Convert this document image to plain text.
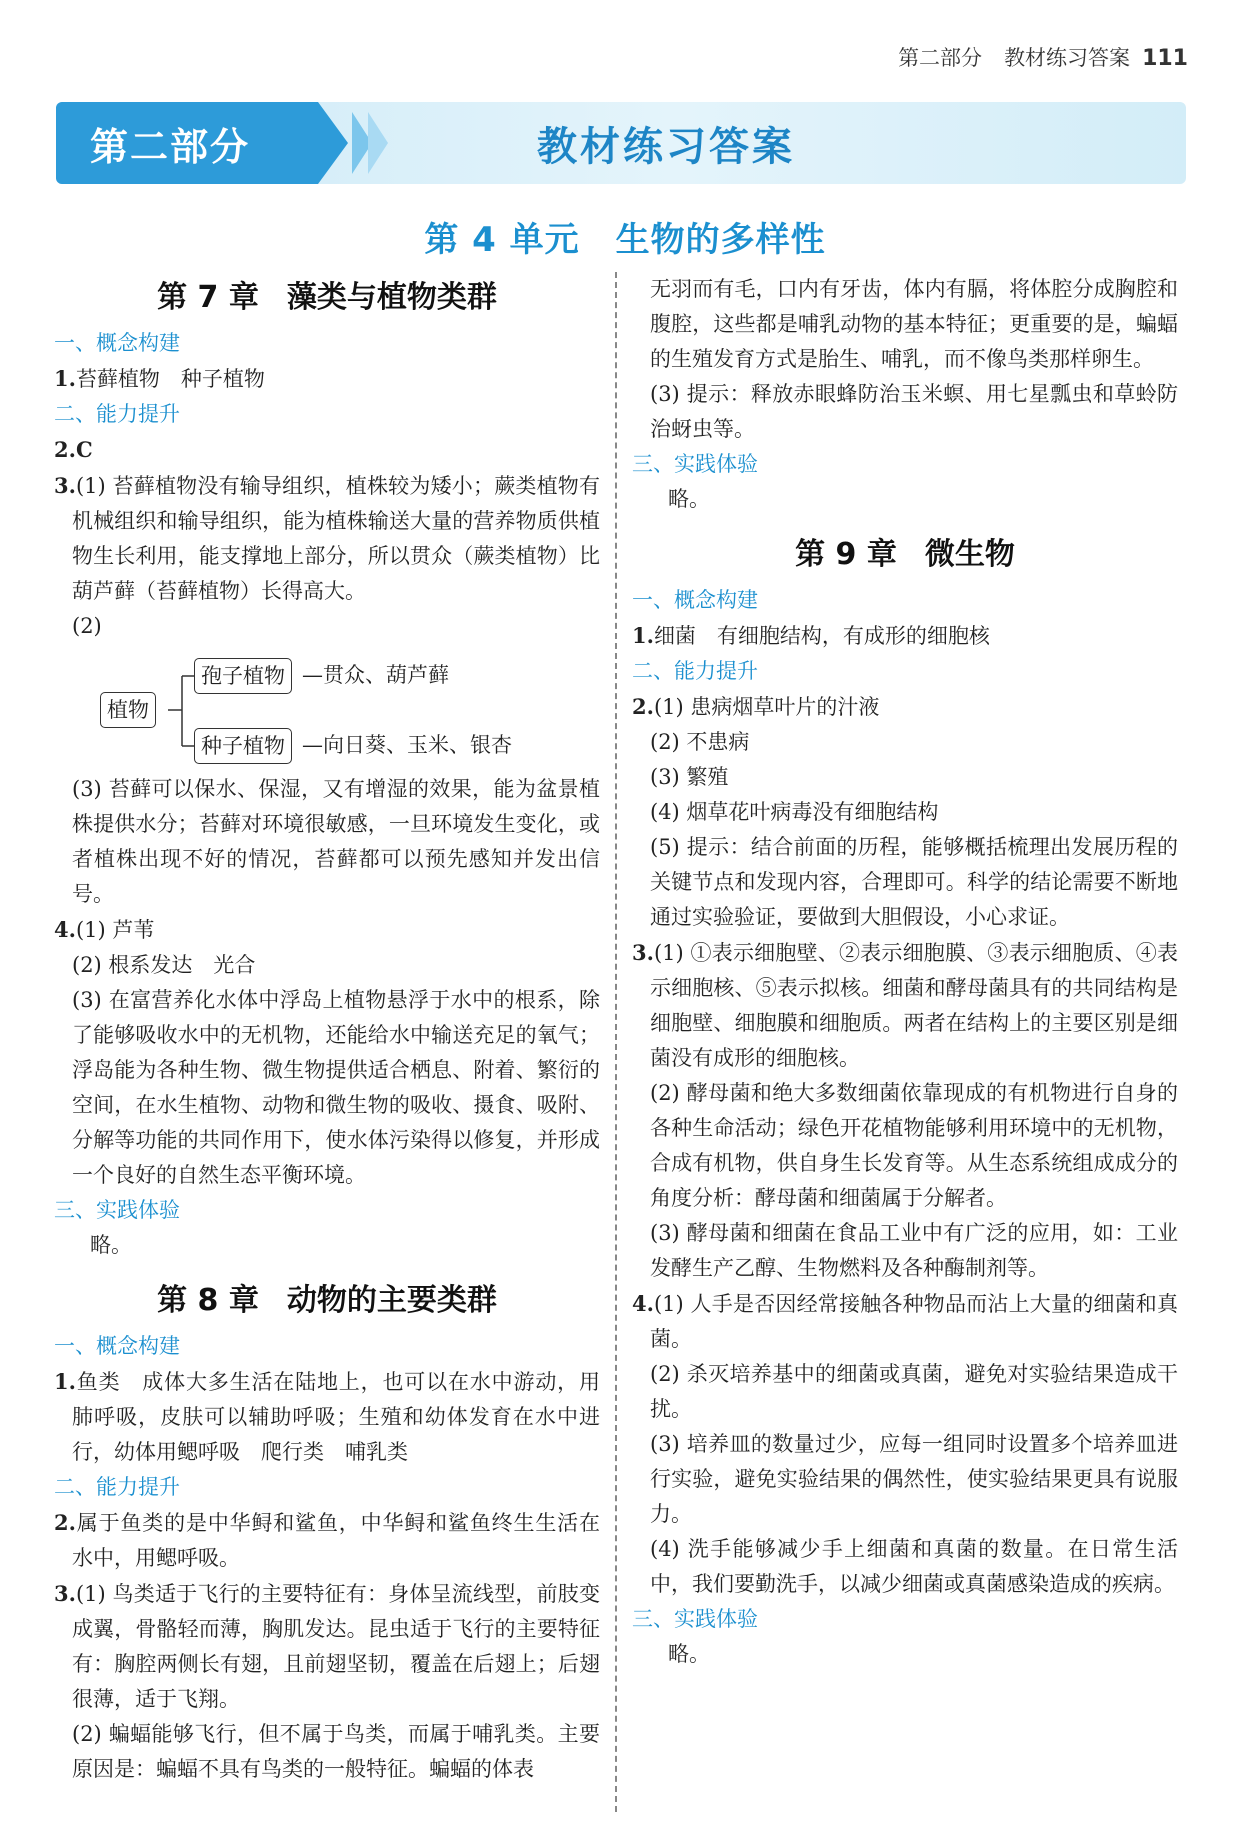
第二部分 教材练习答案 111
第二部分	教材练习答案
第 4 单元 生物的多样性
第 7 章 藻类与植物类群
一、概念构建

1.苔藓植物　种子植物

二、能力提升

2.C

3.(1) 苔藓植物没有输导组织，植株较为矮小；蕨类植物有机械组织和输导组织，能为植株输送大量的营养物质供植物生长利用，能支撑地上部分，所以贯众（蕨类植物）比葫芦藓（苔藓植物）长得高大。

(2)

植物
孢子植物 —贯众、葫芦藓
种子植物 —向日葵、玉米、银杏

(3) 苔藓可以保水、保湿，又有增湿的效果，能为盆景植株提供水分；苔藓对环境很敏感，一旦环境发生变化，或者植株出现不好的情况，苔藓都可以预先感知并发出信号。

4.(1) 芦苇

(2) 根系发达　光合

(3) 在富营养化水体中浮岛上植物悬浮于水中的根系，除了能够吸收水中的无机物，还能给水中输送充足的氧气；浮岛能为各种生物、微生物提供适合栖息、附着、繁衍的空间，在水生植物、动物和微生物的吸收、摄食、吸附、分解等功能的共同作用下，使水体污染得以修复，并形成一个良好的自然生态平衡环境。

三、实践体验

略。

第 8 章 动物的主要类群
一、概念构建

1.鱼类　成体大多生活在陆地上，也可以在水中游动，用肺呼吸，皮肤可以辅助呼吸；生殖和幼体发育在水中进行，幼体用鳃呼吸　爬行类　哺乳类

二、能力提升

2.属于鱼类的是中华鲟和鲨鱼，中华鲟和鲨鱼终生生活在水中，用鳃呼吸。

3.(1) 鸟类适于飞行的主要特征有：身体呈流线型，前肢变成翼，骨骼轻而薄，胸肌发达。昆虫适于飞行的主要特征有：胸腔两侧长有翅，且前翅坚韧，覆盖在后翅上；后翅很薄，适于飞翔。

(2) 蝙蝠能够飞行，但不属于鸟类，而属于哺乳类。主要原因是：蝙蝠不具有鸟类的一般特征。蝙蝠的体表

无羽而有毛，口内有牙齿，体内有膈，将体腔分成胸腔和腹腔，这些都是哺乳动物的基本特征；更重要的是，蝙蝠的生殖发育方式是胎生、哺乳，而不像鸟类那样卵生。

(3) 提示：释放赤眼蜂防治玉米螟、用七星瓢虫和草蛉防治蚜虫等。

三、实践体验

略。

第 9 章 微生物
一、概念构建

1.细菌　有细胞结构，有成形的细胞核

二、能力提升

2.(1) 患病烟草叶片的汁液

(2) 不患病

(3) 繁殖

(4) 烟草花叶病毒没有细胞结构

(5) 提示：结合前面的历程，能够概括梳理出发展历程的关键节点和发现内容，合理即可。科学的结论需要不断地通过实验验证，要做到大胆假设，小心求证。

3.(1) ①表示细胞壁、②表示细胞膜、③表示细胞质、④表示细胞核、⑤表示拟核。细菌和酵母菌具有的共同结构是细胞壁、细胞膜和细胞质。两者在结构上的主要区别是细菌没有成形的细胞核。

(2) 酵母菌和绝大多数细菌依靠现成的有机物进行自身的各种生命活动；绿色开花植物能够利用环境中的无机物，合成有机物，供自身生长发育等。从生态系统组成成分的角度分析：酵母菌和细菌属于分解者。

(3) 酵母菌和细菌在食品工业中有广泛的应用，如：工业发酵生产乙醇、生物燃料及各种酶制剂等。

4.(1) 人手是否因经常接触各种物品而沾上大量的细菌和真菌。

(2) 杀灭培养基中的细菌或真菌，避免对实验结果造成干扰。

(3) 培养皿的数量过少，应每一组同时设置多个培养皿进行实验，避免实验结果的偶然性，使实验结果更具有说服力。

(4) 洗手能够减少手上细菌和真菌的数量。在日常生活中，我们要勤洗手，以减少细菌或真菌感染造成的疾病。

三、实践体验

略。
